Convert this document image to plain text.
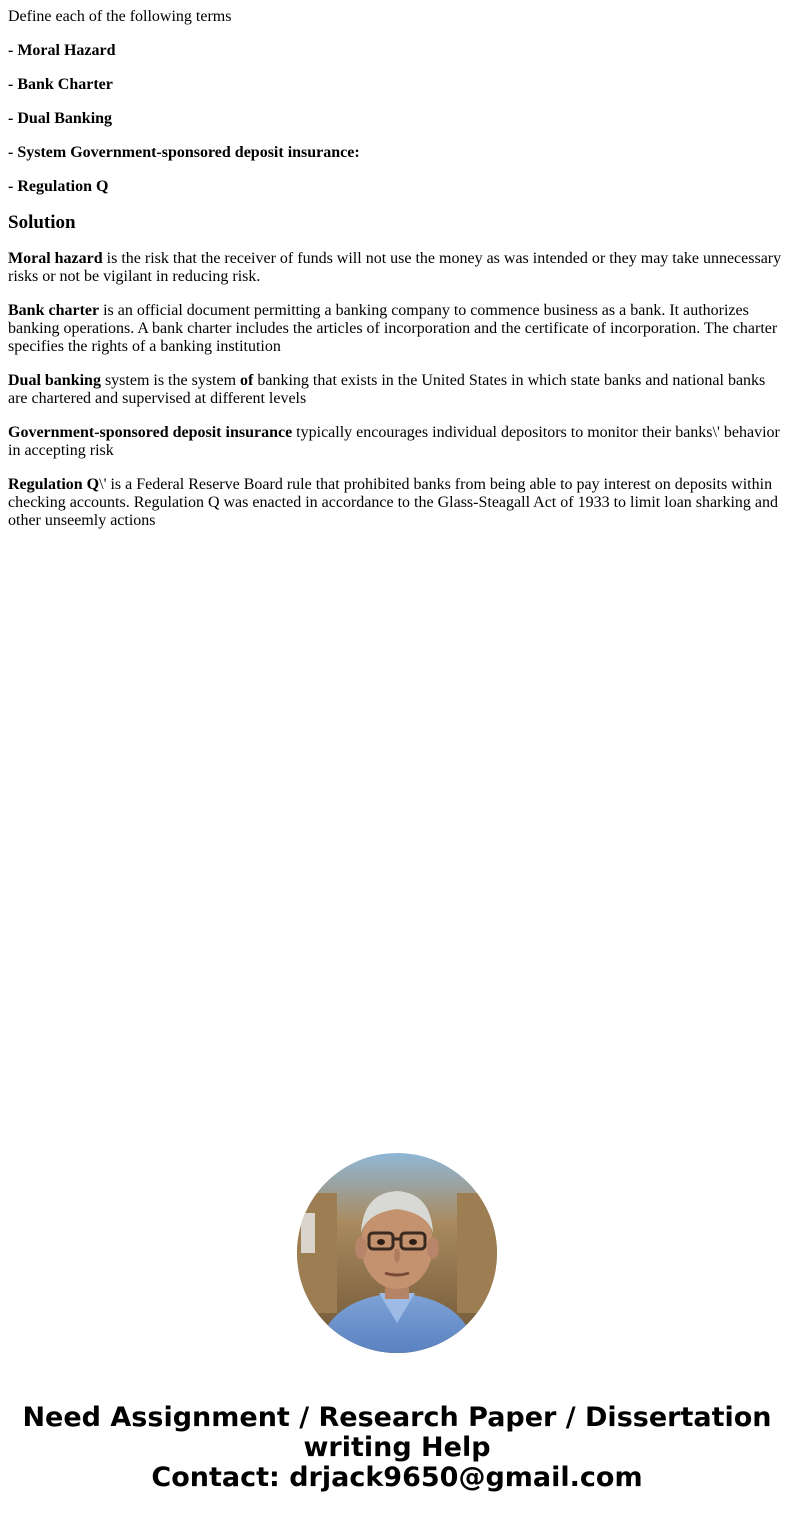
Define each of the following terms

- Moral Hazard

- Bank Charter

- Dual Banking

- System Government-sponsored deposit insurance:

- Regulation Q

Solution

Moral hazard is the risk that the receiver of funds will not use the money as was intended or they may take unnecessary risks or not be vigilant in reducing risk.

Bank charter is an official document permitting a banking company to commence business as a bank. It authorizes banking operations. A bank charter includes the articles of incorporation and the certificate of incorporation. The charter specifies the rights of a banking institution

Dual banking system is the system of banking that exists in the United States in which state banks and national banks are chartered and supervised at different levels

Government-sponsored deposit insurance typically encourages individual depositors to monitor their banks\' behavior in accepting risk

Regulation Q\' is a Federal Reserve Board rule that prohibited banks from being able to pay interest on deposits within checking accounts. Regulation Q was enacted in accordance to the Glass-Steagall Act of 1933 to limit loan sharking and other unseemly actions

Need Assignment / Research Paper / Dissertation
writing Help
Contact: drjack9650@gmail.com
